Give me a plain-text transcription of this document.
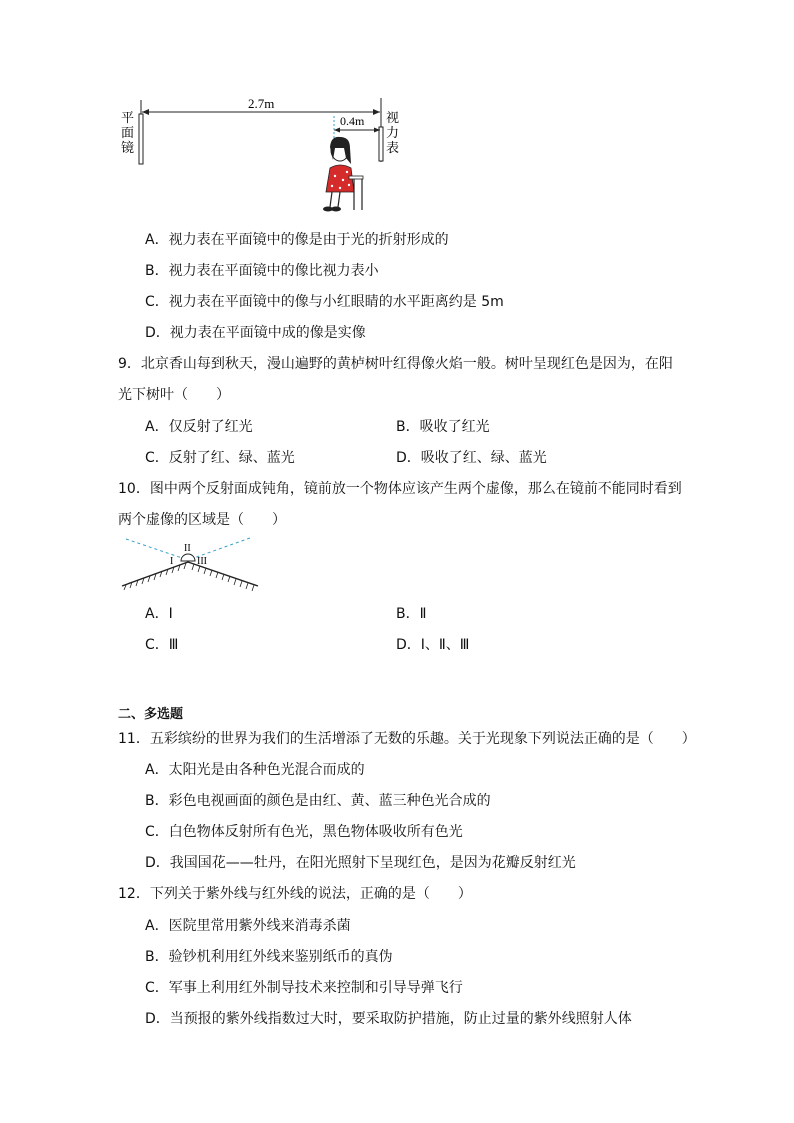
平
面
镜
2.7m
视
力
表
0.4m
A．视力表在平面镜中的像是由于光的折射形成的
B．视力表在平面镜中的像比视力表小
C．视力表在平面镜中的像与小红眼睛的水平距离约是 5m
D．视力表在平面镜中成的像是实像
9．北京香山每到秋天，漫山遍野的黄栌树叶红得像火焰一般。树叶呈现红色是因为，在阳
光下树叶（　　）
A．仅反射了红光	B．吸收了红光
C．反射了红、绿、蓝光	D．吸收了红、绿、蓝光
10．图中两个反射面成钝角，镜前放一个物体应该产生两个虚像，那么在镜前不能同时看到
两个虚像的区域是（　　）
I
II
III
A．Ⅰ	B．Ⅱ
C．Ⅲ	D．Ⅰ、Ⅱ、Ⅲ
二、多选题
11．五彩缤纷的世界为我们的生活增添了无数的乐趣。关于光现象下列说法正确的是（　　）
A．太阳光是由各种色光混合而成的
B．彩色电视画面的颜色是由红、黄、蓝三种色光合成的
C．白色物体反射所有色光，黑色物体吸收所有色光
D．我国国花——牡丹，在阳光照射下呈现红色，是因为花瓣反射红光
12．下列关于紫外线与红外线的说法，正确的是（　　）
A．医院里常用紫外线来消毒杀菌
B．验钞机利用红外线来鉴别纸币的真伪
C．军事上利用红外制导技术来控制和引导导弹飞行
D．当预报的紫外线指数过大时，要采取防护措施，防止过量的紫外线照射人体
